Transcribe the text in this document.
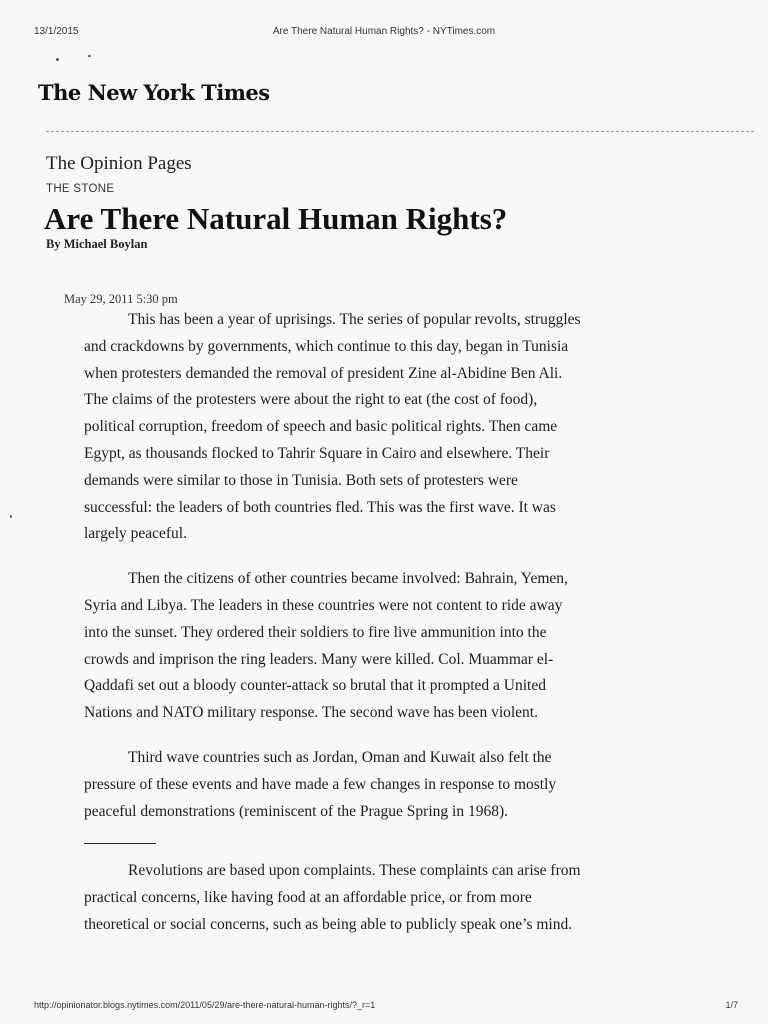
13/1/2015	Are There Natural Human Rights? - NYTimes.com
The New York Times
The Opinion Pages
THE STONE
Are There Natural Human Rights?
By Michael Boylan
May 29, 2011 5:30 pm
This has been a year of uprisings. The series of popular revolts, struggles
and crackdowns by governments, which continue to this day, began in Tunisia
when protesters demanded the removal of president Zine al-Abidine Ben Ali.
The claims of the protesters were about the right to eat (the cost of food),
political corruption, freedom of speech and basic political rights. Then came
Egypt, as thousands flocked to Tahrir Square in Cairo and elsewhere. Their
demands were similar to those in Tunisia. Both sets of protesters were
successful: the leaders of both countries fled. This was the first wave. It was
largely peaceful.
Then the citizens of other countries became involved: Bahrain, Yemen,
Syria and Libya. The leaders in these countries were not content to ride away
into the sunset. They ordered their soldiers to fire live ammunition into the
crowds and imprison the ring leaders. Many were killed. Col. Muammar el-
Qaddafi set out a bloody counter-attack so brutal that it prompted a United
Nations and NATO military response. The second wave has been violent.
Third wave countries such as Jordan, Oman and Kuwait also felt the
pressure of these events and have made a few changes in response to mostly
peaceful demonstrations (reminiscent of the Prague Spring in 1968).
Revolutions are based upon complaints. These complaints can arise from
practical concerns, like having food at an affordable price, or from more
theoretical or social concerns, such as being able to publicly speak one’s mind.
http://opinionator.blogs.nytimes.com/2011/05/29/are-there-natural-human-rights/?_r=1	1/7
